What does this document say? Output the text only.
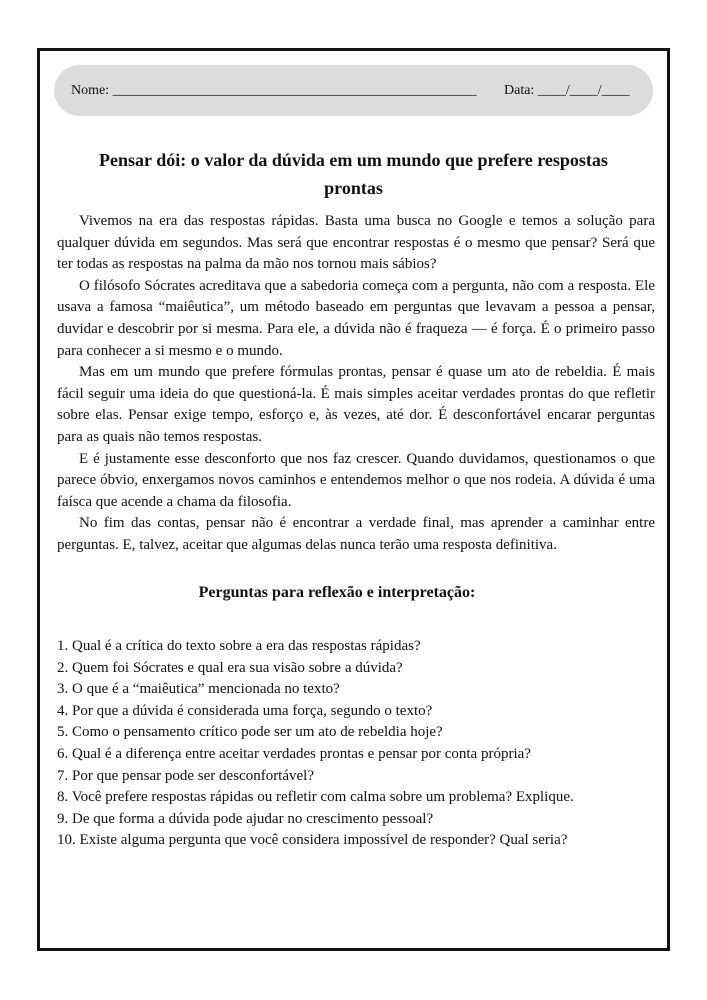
Nome: ____________________________________________________ Data: ____/____/____
Pensar dói: o valor da dúvida em um mundo que prefere respostas prontas

Vivemos na era das respostas rápidas. Basta uma busca no Google e temos a solução para qualquer dúvida em segundos. Mas será que encontrar respostas é o mesmo que pensar? Será que ter todas as respostas na palma da mão nos tornou mais sábios?

O filósofo Sócrates acreditava que a sabedoria começa com a pergunta, não com a resposta. Ele usava a famosa “maiêutica”, um método baseado em perguntas que levavam a pessoa a pensar, duvidar e descobrir por si mesma. Para ele, a dúvida não é fraqueza — é força. É o primeiro passo para conhecer a si mesmo e o mundo.

Mas em um mundo que prefere fórmulas prontas, pensar é quase um ato de rebeldia. É mais fácil seguir uma ideia do que questioná-la. É mais simples aceitar verdades prontas do que refletir sobre elas. Pensar exige tempo, esforço e, às vezes, até dor. É desconfortável encarar perguntas para as quais não temos respostas.

E é justamente esse desconforto que nos faz crescer. Quando duvidamos, questionamos o que parece óbvio, enxergamos novos caminhos e entendemos melhor o que nos rodeia. A dúvida é uma faísca que acende a chama da filosofia.

No fim das contas, pensar não é encontrar a verdade final, mas aprender a caminhar entre perguntas. E, talvez, aceitar que algumas delas nunca terão uma resposta definitiva.

Perguntas para reflexão e interpretação:
1. Qual é a crítica do texto sobre a era das respostas rápidas?
2. Quem foi Sócrates e qual era sua visão sobre a dúvida?
3. O que é a “maiêutica” mencionada no texto?
4. Por que a dúvida é considerada uma força, segundo o texto?
5. Como o pensamento crítico pode ser um ato de rebeldia hoje?
6. Qual é a diferença entre aceitar verdades prontas e pensar por conta própria?
7. Por que pensar pode ser desconfortável?
8. Você prefere respostas rápidas ou refletir com calma sobre um problema? Explique.
9. De que forma a dúvida pode ajudar no crescimento pessoal?
10. Existe alguma pergunta que você considera impossível de responder? Qual seria?
